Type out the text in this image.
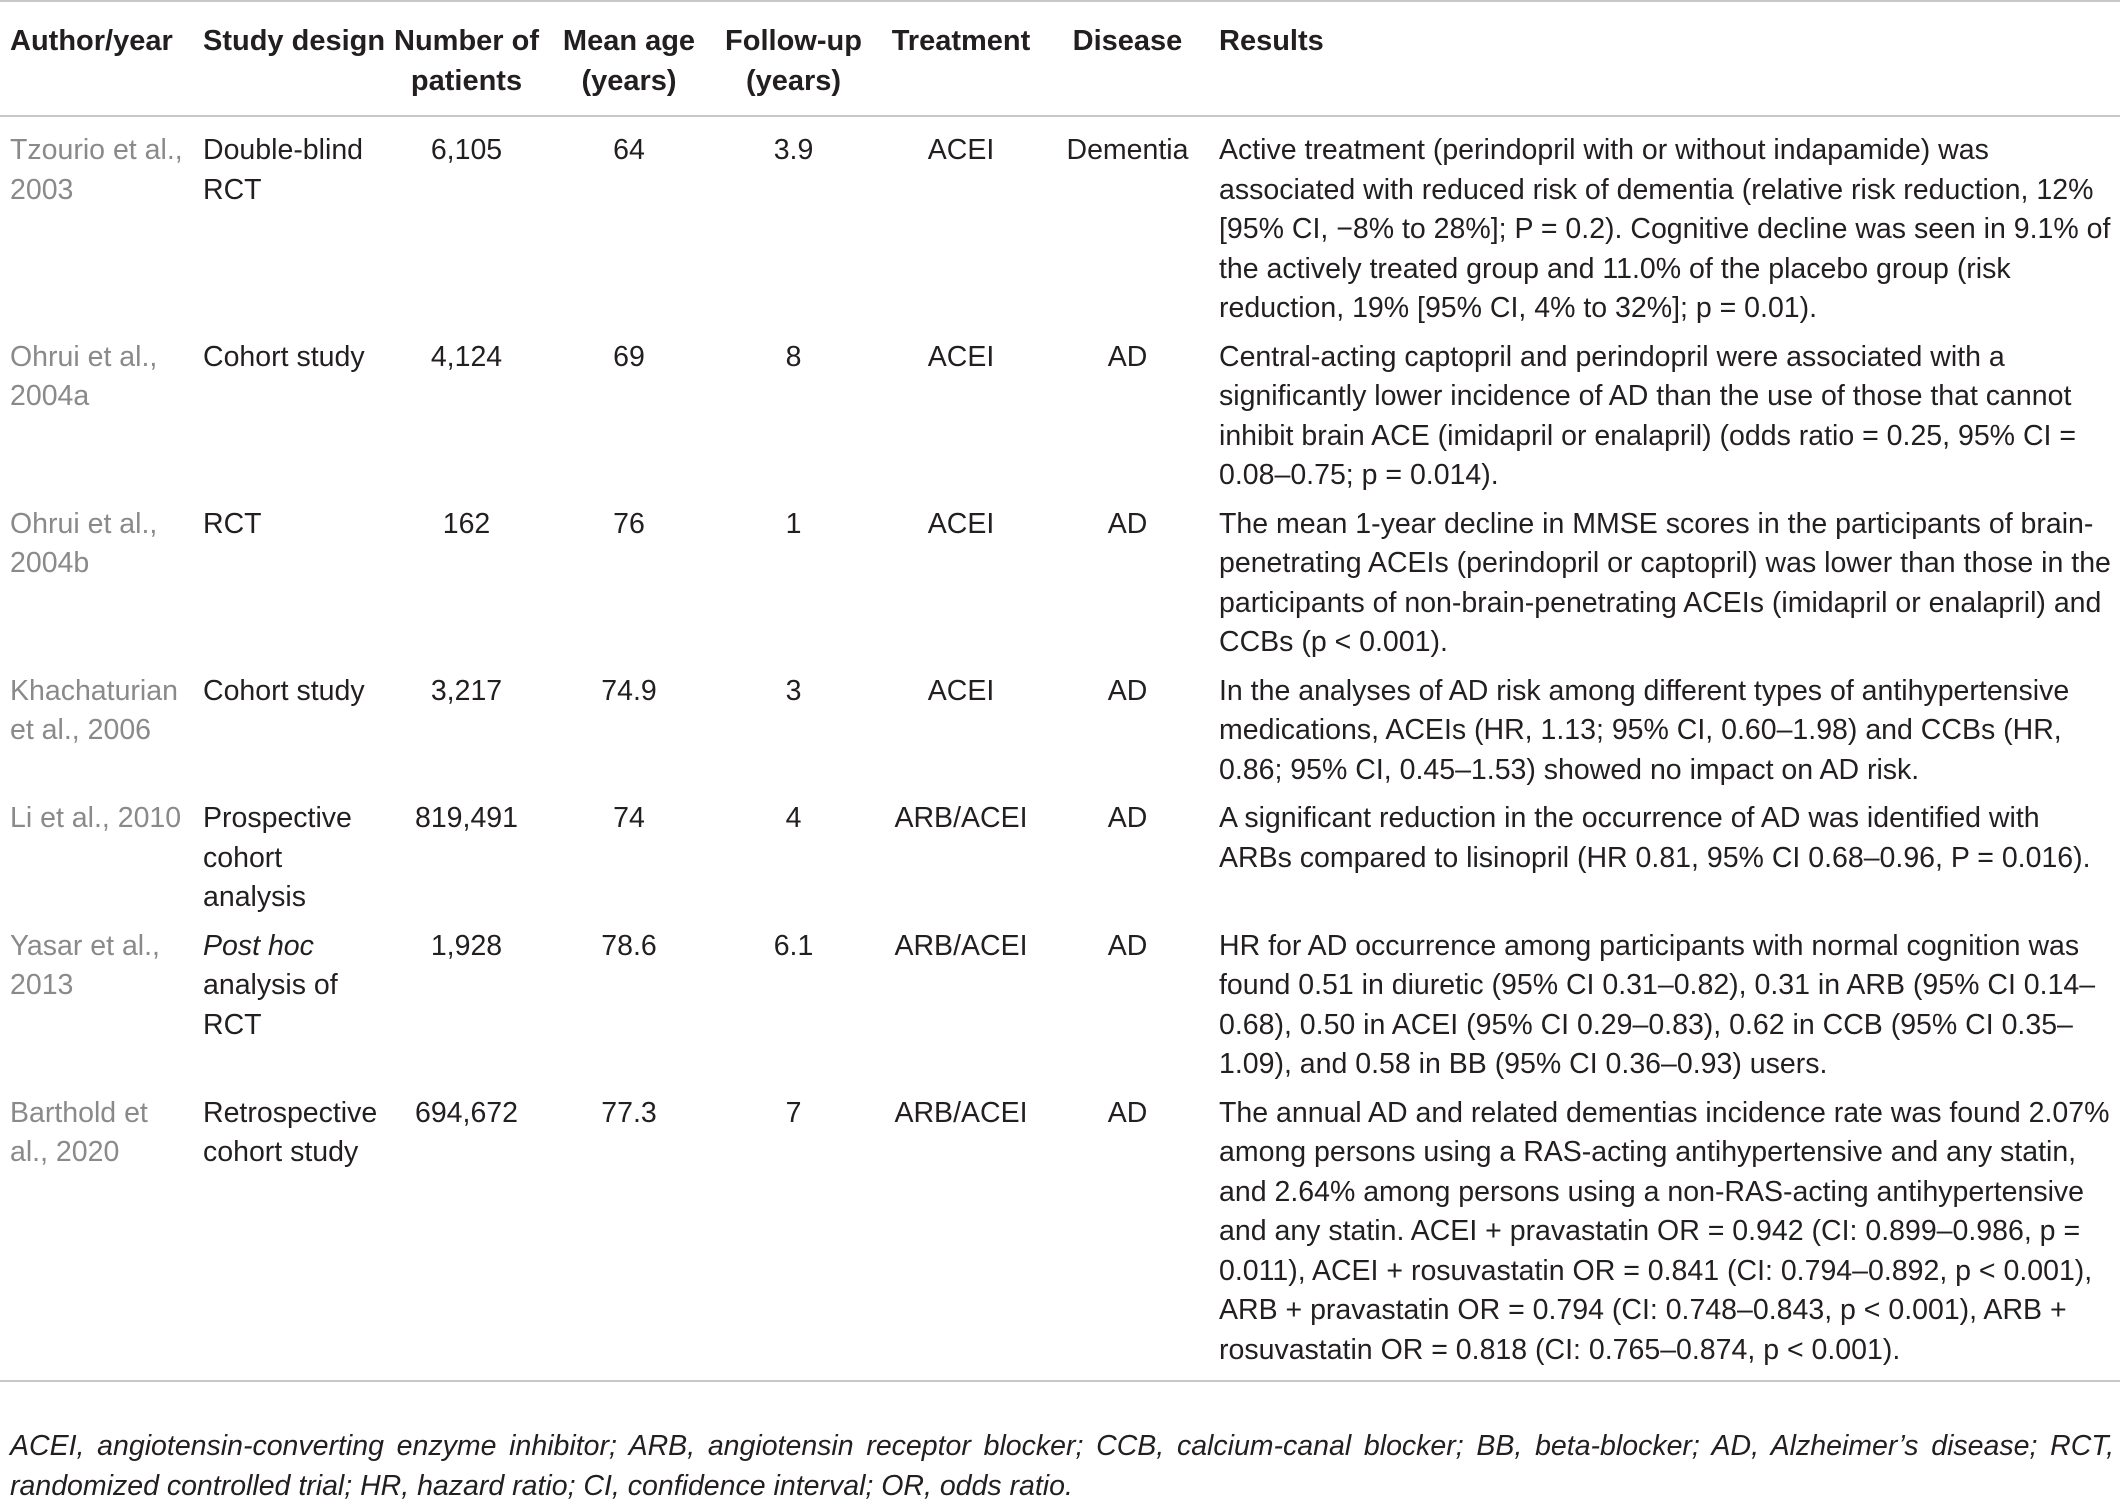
Author/year	Study design	Number of patients	Mean age (years)	Follow-up (years)	Treatment	Disease	Results
Tzourio et al., 2003	Double-blind RCT	6,105	64	3.9	ACEI	Dementia	Active treatment (perindopril with or without indapamide) was associated with reduced risk of dementia (relative risk reduction, 12% [95% CI, −8% to 28%]; P = 0.2). Cognitive decline was seen in 9.1% of the actively treated group and 11.0% of the placebo group (risk reduction, 19% [95% CI, 4% to 32%]; p = 0.01).
Ohrui et al., 2004a	Cohort study	4,124	69	8	ACEI	AD	Central-acting captopril and perindopril were associated with a significantly lower incidence of AD than the use of those that cannot inhibit brain ACE (imidapril or enalapril) (odds ratio = 0.25, 95% CI = 0.08–0.75; p = 0.014).
Ohrui et al., 2004b	RCT	162	76	1	ACEI	AD	The mean 1-year decline in MMSE scores in the participants of brain-penetrating ACEIs (perindopril or captopril) was lower than those in the participants of non-brain-penetrating ACEIs (imidapril or enalapril) and CCBs (p < 0.001).
Khachaturian et al., 2006	Cohort study	3,217	74.9	3	ACEI	AD	In the analyses of AD risk among different types of antihypertensive medications, ACEIs (HR, 1.13; 95% CI, 0.60–1.98) and CCBs (HR, 0.86; 95% CI, 0.45–1.53) showed no impact on AD risk.
Li et al., 2010	Prospective cohort analysis	819,491	74	4	ARB/ACEI	AD	A significant reduction in the occurrence of AD was identified with ARBs compared to lisinopril (HR 0.81, 95% CI 0.68–0.96, P = 0.016).
Yasar et al., 2013	Post hoc analysis of RCT	1,928	78.6	6.1	ARB/ACEI	AD	HR for AD occurrence among participants with normal cognition was found 0.51 in diuretic (95% CI 0.31–0.82), 0.31 in ARB (95% CI 0.14–0.68), 0.50 in ACEI (95% CI 0.29–0.83), 0.62 in CCB (95% CI 0.35–1.09), and 0.58 in BB (95% CI 0.36–0.93) users.
Barthold et al., 2020	Retrospective cohort study	694,672	77.3	7	ARB/ACEI	AD	The annual AD and related dementias incidence rate was found 2.07% among persons using a RAS-acting antihypertensive and any statin, and 2.64% among persons using a non-RAS-acting antihypertensive and any statin. ACEI + pravastatin OR = 0.942 (CI: 0.899–0.986, p = 0.011), ACEI + rosuvastatin OR = 0.841 (CI: 0.794–0.892, p < 0.001), ARB + pravastatin OR = 0.794 (CI: 0.748–0.843, p < 0.001), ARB + rosuvastatin OR = 0.818 (CI: 0.765–0.874, p < 0.001).
ACEI, angiotensin-converting enzyme inhibitor; ARB, angiotensin receptor blocker; CCB, calcium-canal blocker; BB, beta-blocker; AD, Alzheimer’s disease; RCT, randomized controlled trial; HR, hazard ratio; CI, confidence interval; OR, odds ratio.
